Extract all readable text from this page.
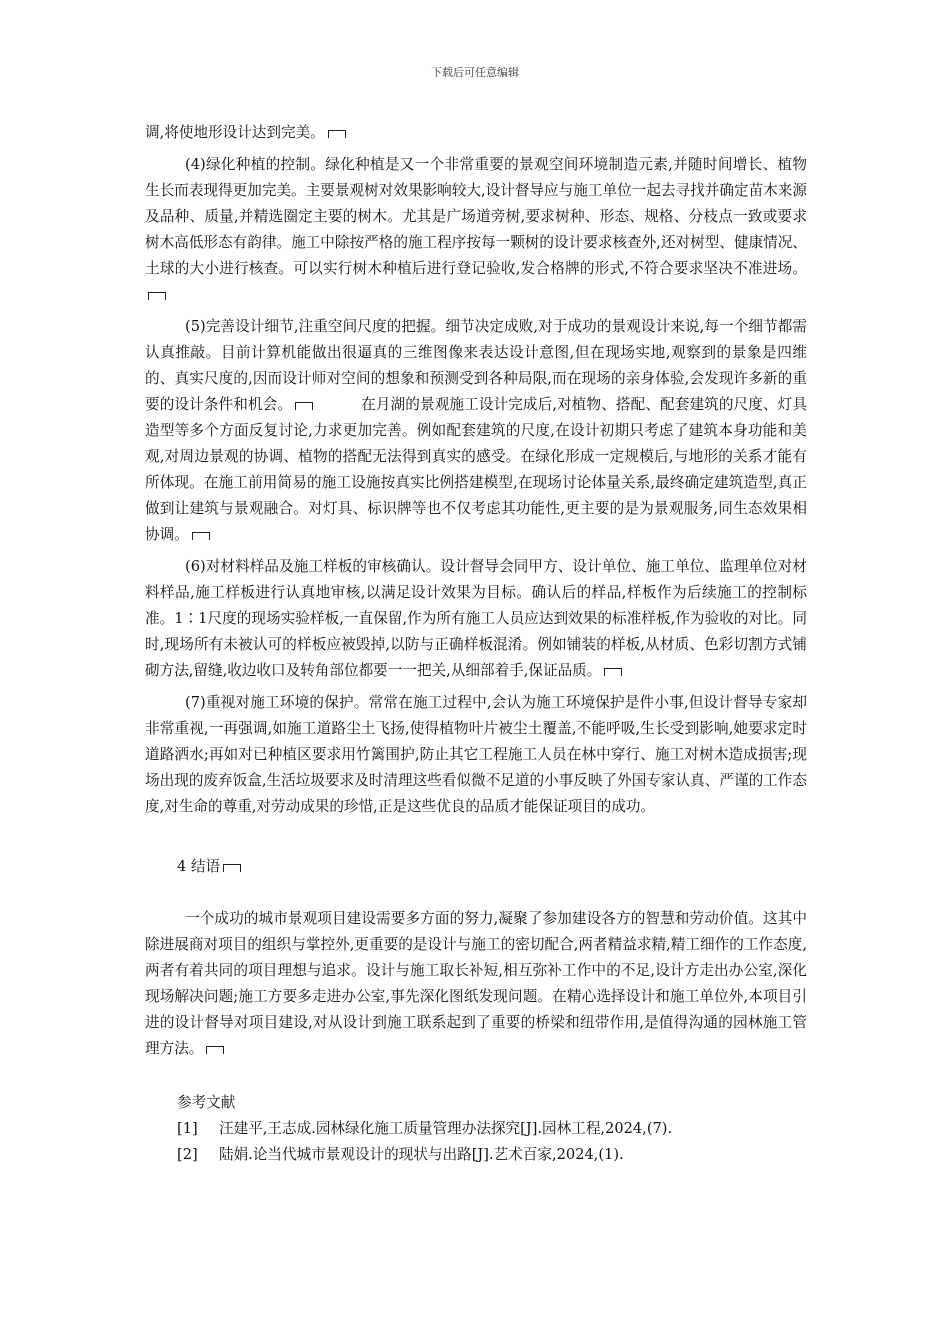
下载后可任意编辑

调,将使地形设计达到完美。

(4)绿化种植的控制。绿化种植是又一个非常重要的景观空间环境制造元素,并随时间增长、植物生长而表现得更加完美。主要景观树对效果影响较大,设计督导应与施工单位一起去寻找并确定苗木来源及品种、质量,并精选圈定主要的树木。尤其是广场道旁树,要求树种、形态、规格、分枝点一致或要求树木高低形态有韵律。施工中除按严格的施工程序按每一颗树的设计要求核查外,还对树型、健康情况、土球的大小进行核查。可以实行树木种植后进行登记验收,发合格牌的形式,不符合要求坚决不准进场。

(5)完善设计细节,注重空间尺度的把握。细节决定成败,对于成功的景观设计来说,每一个细节都需认真推敲。目前计算机能做出很逼真的三维图像来表达设计意图,但在现场实地,观察到的景象是四维的、真实尺度的,因而设计师对空间的想象和预测受到各种局限,而在现场的亲身体验,会发现许多新的重要的设计条件和机会。	在月湖的景观施工设计完成后,对植物、搭配、配套建筑的尺度、灯具造型等多个方面反复讨论,力求更加完善。例如配套建筑的尺度,在设计初期只考虑了建筑本身功能和美观,对周边景观的协调、植物的搭配无法得到真实的感受。在绿化形成一定规模后,与地形的关系才能有所体现。在施工前用简易的施工设施按真实比例搭建模型,在现场讨论体量关系,最终确定建筑造型,真正做到让建筑与景观融合。对灯具、标识牌等也不仅考虑其功能性,更主要的是为景观服务,同生态效果相协调。

(6)对材料样品及施工样板的审核确认。设计督导会同甲方、设计单位、施工单位、监理单位对材料样品,施工样板进行认真地审核,以满足设计效果为目标。确认后的样品,样板作为后续施工的控制标准。1∶1尺度的现场实验样板,一直保留,作为所有施工人员应达到效果的标准样板,作为验收的对比。同时,现场所有未被认可的样板应被毁掉,以防与正确样板混淆。例如铺装的样板,从材质、色彩切割方式铺砌方法,留缝,收边收口及转角部位都要一一把关,从细部着手,保证品质。

(7)重视对施工环境的保护。常常在施工过程中,会认为施工环境保护是件小事,但设计督导专家却非常重视,一再强调,如施工道路尘土飞扬,使得植物叶片被尘土覆盖,不能呼吸,生长受到影响,她要求定时道路洒水;再如对已种植区要求用竹篱围护,防止其它工程施工人员在林中穿行、施工对树木造成损害;现场出现的废弃饭盒,生活垃圾要求及时清理这些看似微不足道的小事反映了外国专家认真、严谨的工作态度,对生命的尊重,对劳动成果的珍惜,正是这些优良的品质才能保证项目的成功。

4 结语

一个成功的城市景观项目建设需要多方面的努力,凝聚了参加建设各方的智慧和劳动价值。这其中除进展商对项目的组织与掌控外,更重要的是设计与施工的密切配合,两者精益求精,精工细作的工作态度,两者有着共同的项目理想与追求。设计与施工取长补短,相互弥补工作中的不足,设计方走出办公室,深化现场解决问题;施工方要多走进办公室,事先深化图纸发现问题。在精心选择设计和施工单位外,本项目引进的设计督导对项目建设,对从设计到施工联系起到了重要的桥梁和纽带作用,是值得沟通的园林施工管理方法。

参考文献

[1] 汪建平,王志成.园林绿化施工质量管理办法探究[J].园林工程,2024,(7).

[2] 陆娟.论当代城市景观设计的现状与出路[J].艺术百家,2024,(1).
